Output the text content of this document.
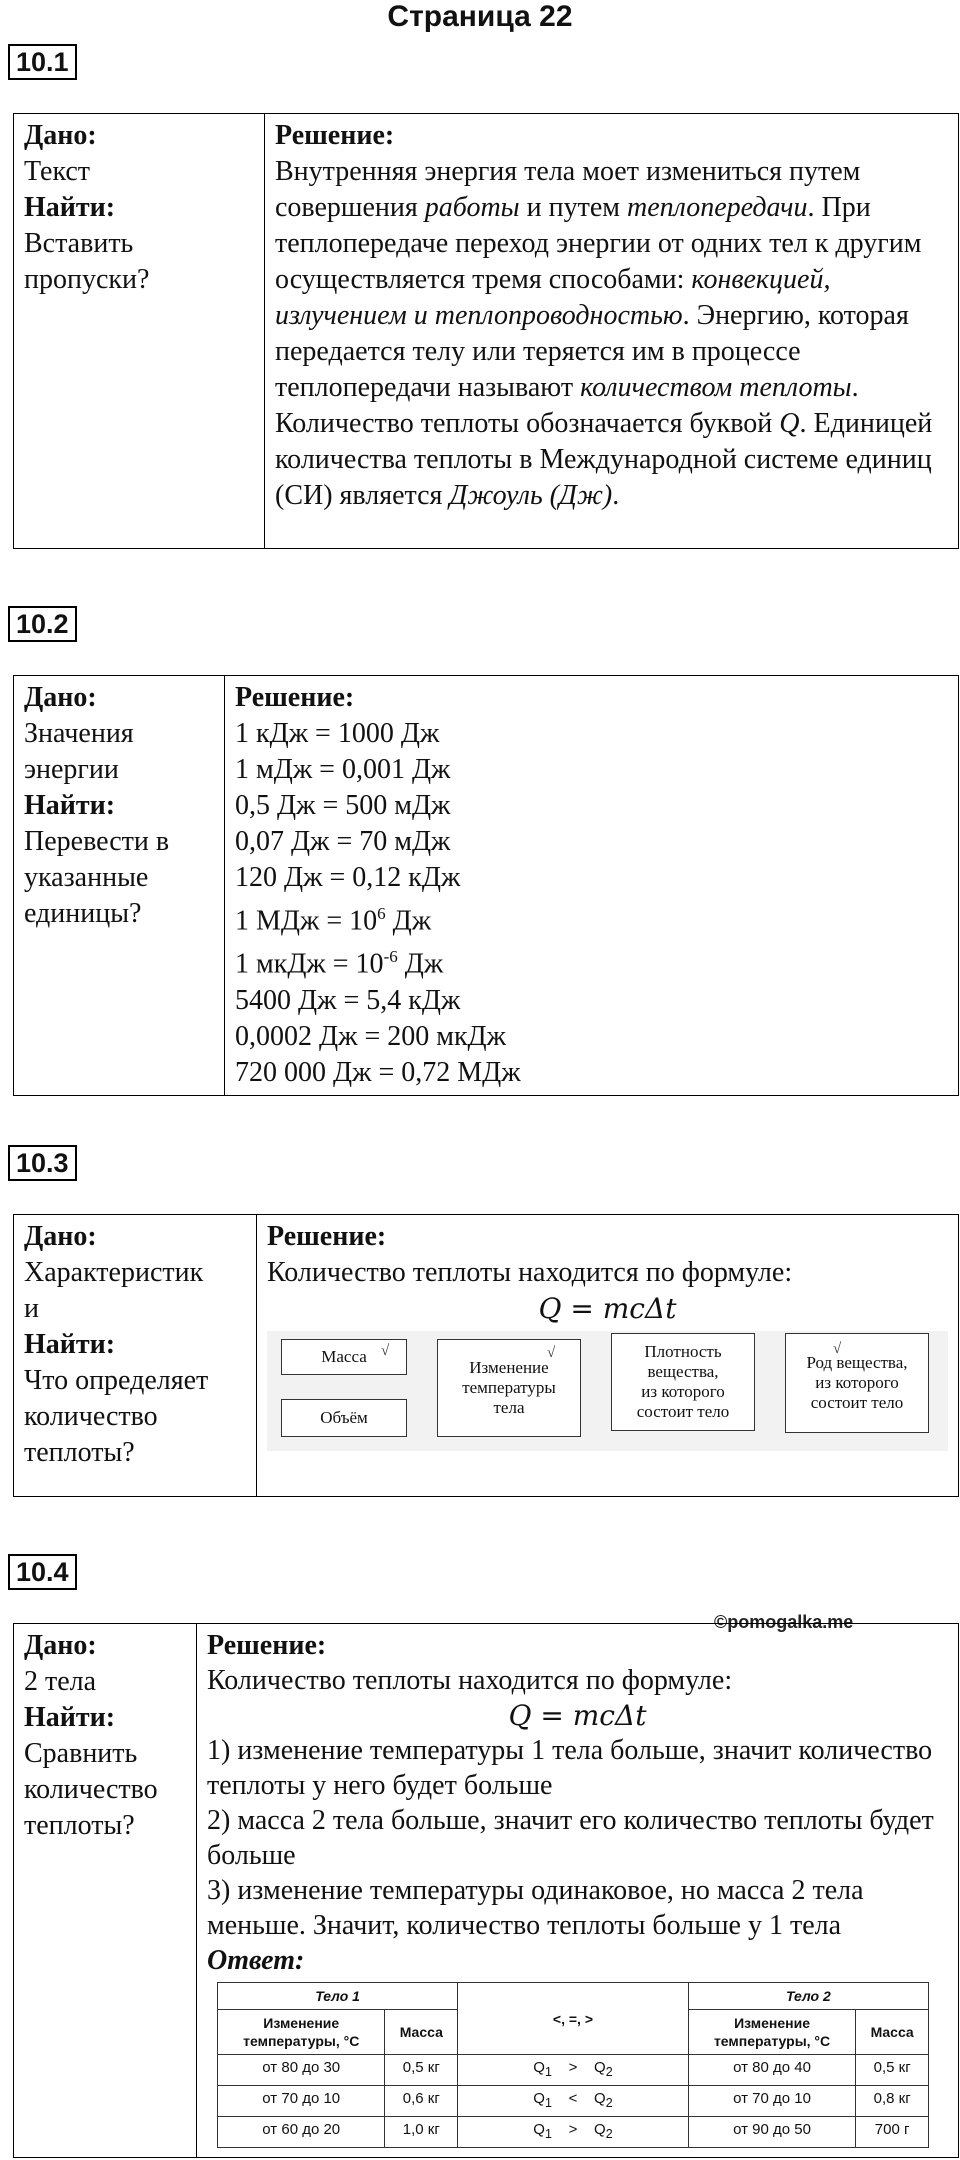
Страница 22
10.1
Дано:
Текст
Найти:
Вставить
пропуски?

Решение:
Внутренняя энергия тела моет измениться путем совершения работы и путем теплопередачи. При теплопередаче переход энергии от одних тел к другим осуществляется тремя способами: конвекцией, излучением и теплопроводностью. Энергию, которая передается телу или теряется им в процессе теплопередачи называют количеством теплоты. Количество теплоты обозначается буквой Q. Единицей количества теплоты в Международной системе единиц (СИ) является Джоуль (Дж).
10.2
Дано:
Значения
энергии
Найти:
Перевести в
указанные
единицы?

Решение:
1 кДж = 1000 Дж
1 мДж = 0,001 Дж
0,5 Дж = 500 мДж
0,07 Дж = 70 мДж
120 Дж = 0,12 кДж
1 МДж = $10^6$ Дж
1 мкДж = $10^{-6}$ Дж
5400 Дж = 5,4 кДж
0,0002 Дж = 200 мкДж
720 000 Дж = 0,72 МДж
10.3
Дано:
Характеристик
и
Найти:
Что определяет
количество
теплоты?

Решение:
Количество теплоты находится по формуле:
Q = mcΔt
Масса √
Объём
Изменение
температуры
тела
√	Плотность
вещества,
из которого
состоит тело
Род вещества,
из которого
состоит тело
√
10.4
©pomogalka.me
Дано:
2 тела
Найти:
Сравнить
количество
теплоты?

Решение:
Количество теплоты находится по формуле:
Q = mcΔt
1) изменение температуры 1 тела больше, значит количество теплоты у него будет больше
2) масса 2 тела больше, значит его количество теплоты будет больше
3) изменение температуры одинаковое, но масса 2 тела меньше. Значит, количество теплоты больше у 1 тела
Ответ:
Тело 1	<, =, >	Тело 2
Изменение температуры, °С	Масса	Изменение температуры, °С	Масса
от 80 до 30	0,5 кг	$Q_1 > Q_2$	от 80 до 40	0,5 кг
от 70 до 10	0,6 кг	$Q_1 < Q_2$	от 70 до 10	0,8 кг
от 60 до 20	1,0 кг	$Q_1 > Q_2$	от 90 до 50	700 г
